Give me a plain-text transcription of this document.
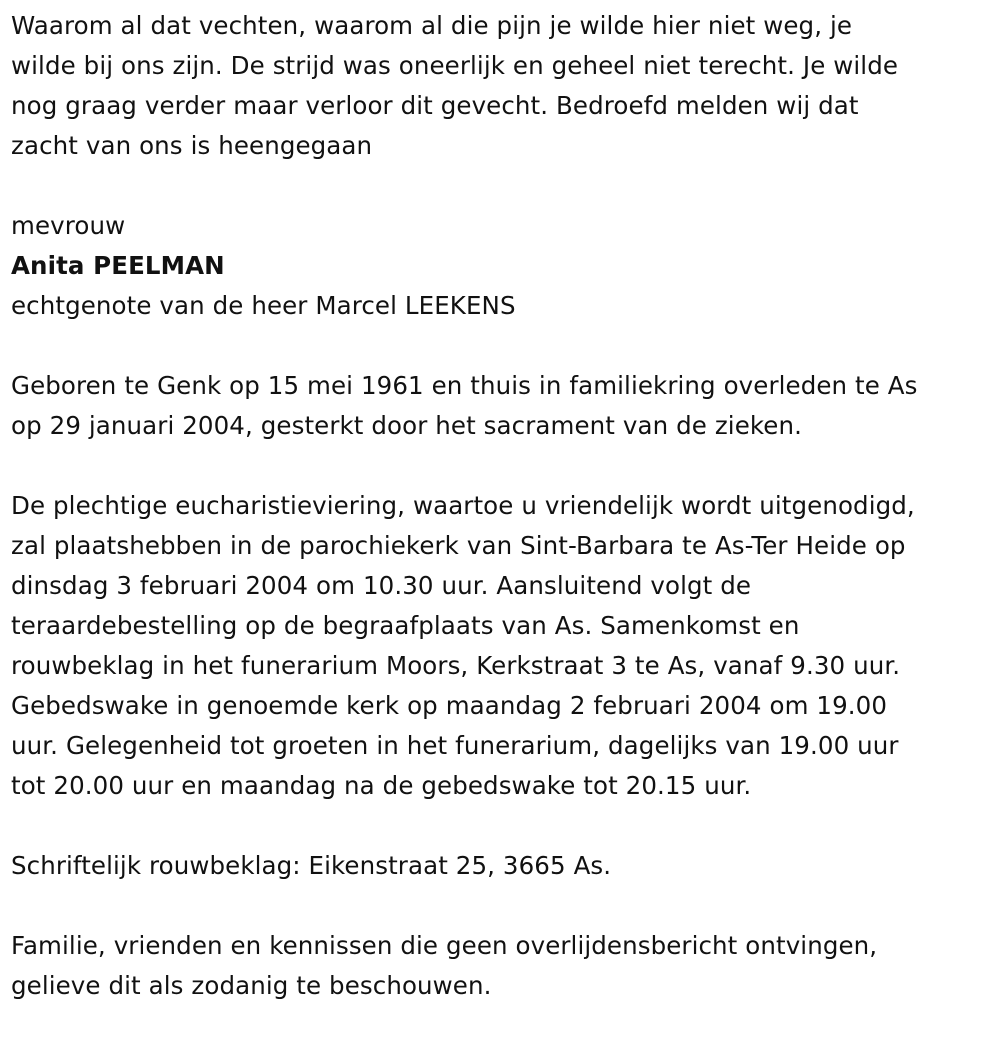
Waarom al dat vechten, waarom al die pijn je wilde hier niet weg, je
wilde bij ons zijn. De strijd was oneerlijk en geheel niet terecht. Je wilde
nog graag verder maar verloor dit gevecht. Bedroefd melden wij dat
zacht van ons is heengegaan

mevrouw

Anita PEELMAN

echtgenote van de heer Marcel LEEKENS

Geboren te Genk op 15 mei 1961 en thuis in familiekring overleden te As
op 29 januari 2004, gesterkt door het sacrament van de zieken.

De plechtige eucharistieviering, waartoe u vriendelijk wordt uitgenodigd,
zal plaatshebben in de parochiekerk van Sint-Barbara te As-Ter Heide op
dinsdag 3 februari 2004 om 10.30 uur. Aansluitend volgt de
teraardebestelling op de begraafplaats van As. Samenkomst en
rouwbeklag in het funerarium Moors, Kerkstraat 3 te As, vanaf 9.30 uur.
Gebedswake in genoemde kerk op maandag 2 februari 2004 om 19.00
uur. Gelegenheid tot groeten in het funerarium, dagelijks van 19.00 uur
tot 20.00 uur en maandag na de gebedswake tot 20.15 uur.

Schriftelijk rouwbeklag: Eikenstraat 25, 3665 As.

Familie, vrienden en kennissen die geen overlijdensbericht ontvingen,
gelieve dit als zodanig te beschouwen.
